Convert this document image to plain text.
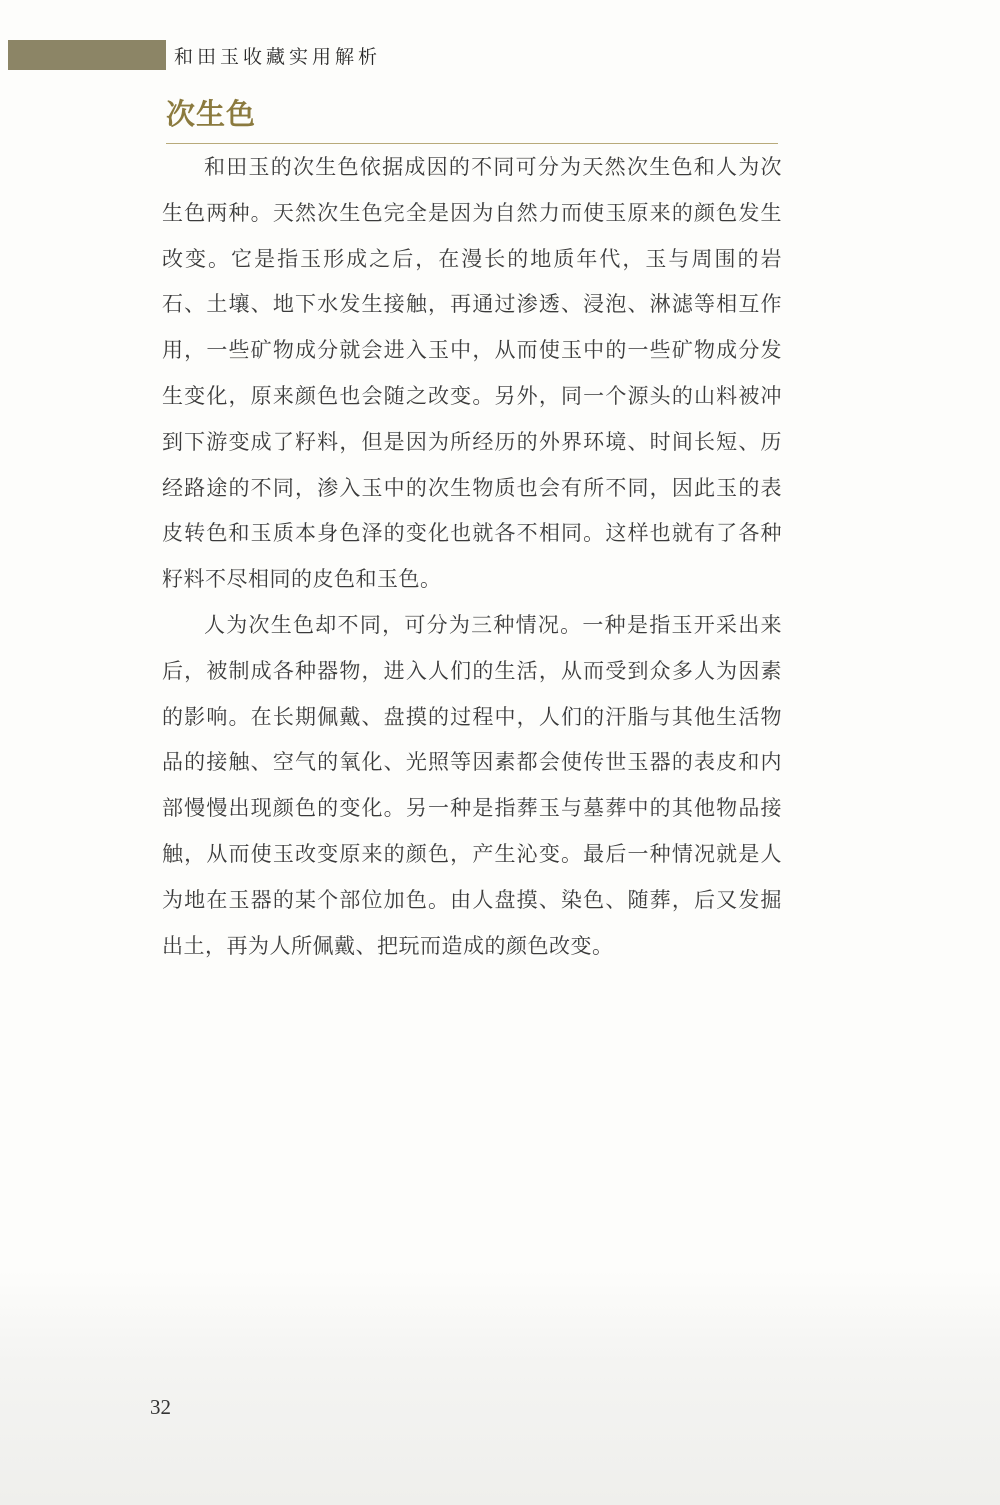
和田玉收藏实用解析
次生色

和田玉的次生色依据成因的不同可分为天然次生色和人为次生色两种。天然次生色完全是因为自然力而使玉原来的颜色发生改变。它是指玉形成之后，在漫长的地质年代，玉与周围的岩石、土壤、地下水发生接触，再通过渗透、浸泡、淋滤等相互作用，一些矿物成分就会进入玉中，从而使玉中的一些矿物成分发生变化，原来颜色也会随之改变。另外，同一个源头的山料被冲到下游变成了籽料，但是因为所经历的外界环境、时间长短、历经路途的不同，渗入玉中的次生物质也会有所不同，因此玉的表皮转色和玉质本身色泽的变化也就各不相同。这样也就有了各种籽料不尽相同的皮色和玉色。

人为次生色却不同，可分为三种情况。一种是指玉开采出来后，被制成各种器物，进入人们的生活，从而受到众多人为因素的影响。在长期佩戴、盘摸的过程中，人们的汗脂与其他生活物品的接触、空气的氧化、光照等因素都会使传世玉器的表皮和内部慢慢出现颜色的变化。另一种是指葬玉与墓葬中的其他物品接触，从而使玉改变原来的颜色，产生沁变。最后一种情况就是人为地在玉器的某个部位加色。由人盘摸、染色、随葬，后又发掘出土，再为人所佩戴、把玩而造成的颜色改变。

32
